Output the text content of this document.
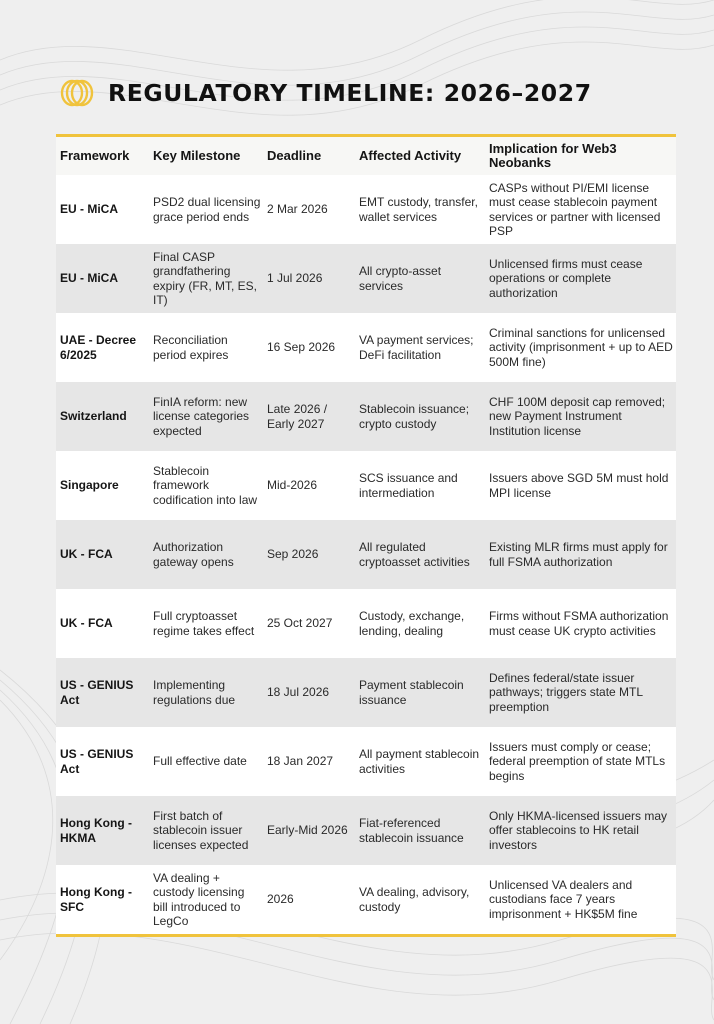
REGULATORY TIMELINE: 2026–2027
Framework	Key Milestone	Deadline	Affected Activity	Implication for Web3 Neobanks
EU - MiCA	PSD2 dual licensing grace period ends	2 Mar 2026	EMT custody, transfer, wallet services	CASPs without PI/EMI license must cease stablecoin payment services or partner with licensed PSP
EU - MiCA	Final CASP grandfathering expiry (FR, MT, ES, IT)	1 Jul 2026	All crypto-asset services	Unlicensed firms must cease operations or complete authorization
UAE - Decree 6/2025	Reconciliation period expires	16 Sep 2026	VA payment services; DeFi facilitation	Criminal sanctions for unlicensed activity (imprisonment + up to AED 500M fine)
Switzerland	FinIA reform: new license categories expected	Late 2026 / Early 2027	Stablecoin issuance; crypto custody	CHF 100M deposit cap removed; new Payment Instrument Institution license
Singapore	Stablecoin framework codification into law	Mid-2026	SCS issuance and intermediation	Issuers above SGD 5M must hold MPI license
UK - FCA	Authorization gateway opens	Sep 2026	All regulated cryptoasset activities	Existing MLR firms must apply for full FSMA authorization
UK - FCA	Full cryptoasset regime takes effect	25 Oct 2027	Custody, exchange, lending, dealing	Firms without FSMA authorization must cease UK crypto activities
US - GENIUS Act	Implementing regulations due	18 Jul 2026	Payment stablecoin issuance	Defines federal/state issuer pathways; triggers state MTL preemption
US - GENIUS Act	Full effective date	18 Jan 2027	All payment stablecoin activities	Issuers must comply or cease; federal preemption of state MTLs begins
Hong Kong - HKMA	First batch of stablecoin issuer licenses expected	Early-Mid 2026	Fiat-referenced stablecoin issuance	Only HKMA-licensed issuers may offer stablecoins to HK retail investors
Hong Kong - SFC	VA dealing + custody licensing bill introduced to LegCo	2026	VA dealing, advisory, custody	Unlicensed VA dealers and custodians face 7 years imprisonment + HK$5M fine
